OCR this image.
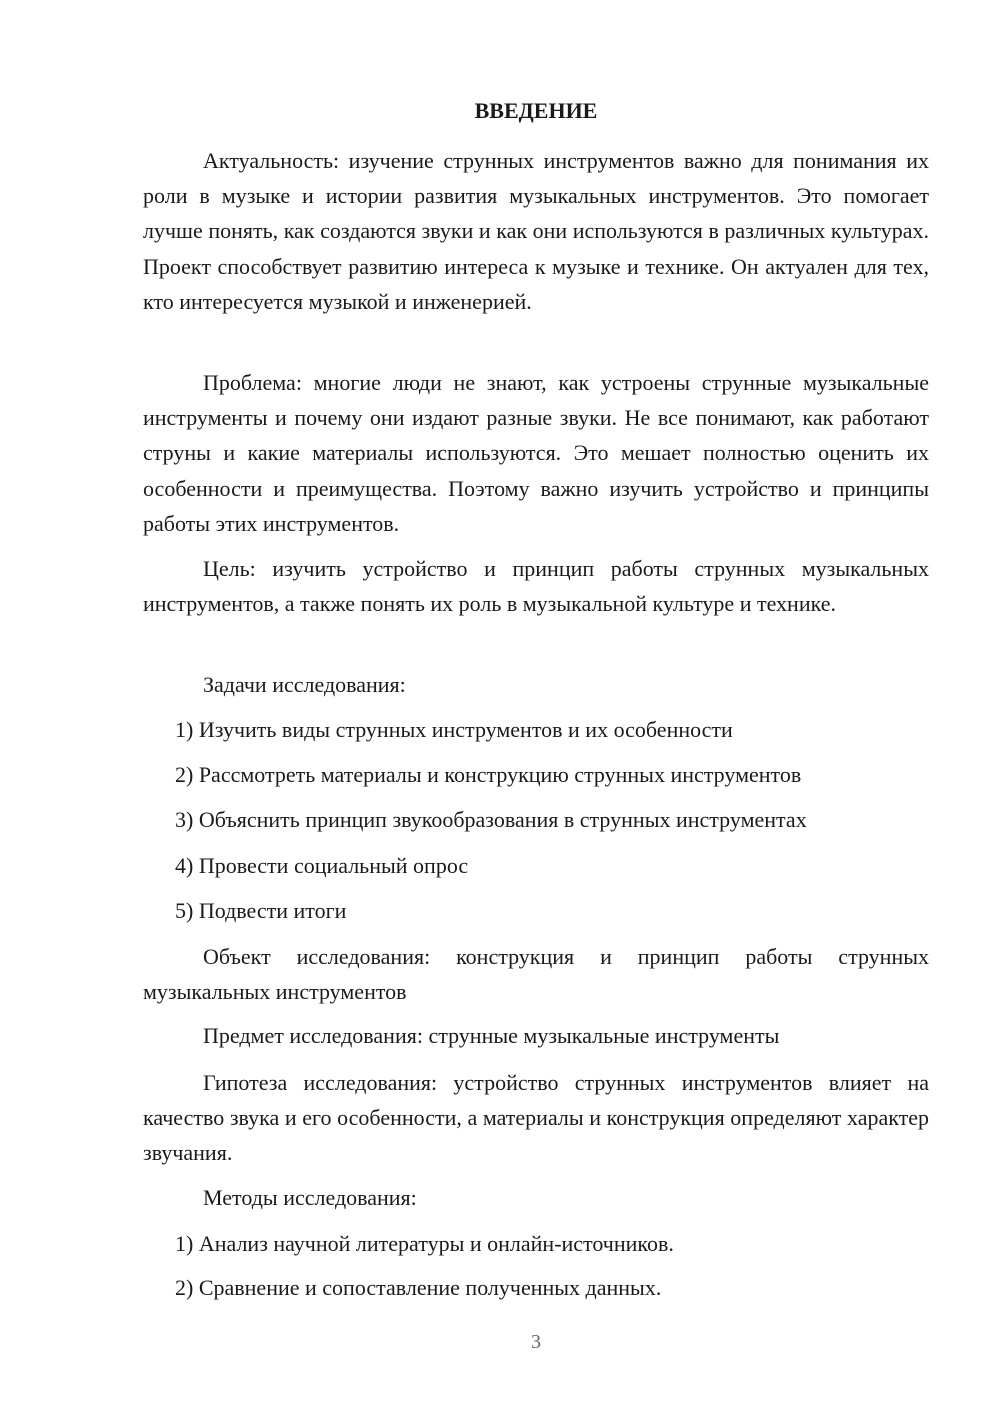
ВВЕДЕНИЕ

Актуальность: изучение струнных инструментов важно для понимания их роли в музыке и истории развития музыкальных инструментов. Это помогает лучше понять, как создаются звуки и как они используются в различных культурах. Проект способствует развитию интереса к музыке и технике. Он актуален для тех, кто интересуется музыкой и инженерией.

Проблема: многие люди не знают, как устроены струнные музыкальные инструменты и почему они издают разные звуки. Не все понимают, как работают струны и какие материалы используются. Это мешает полностью оценить их особенности и преимущества. Поэтому важно изучить устройство и принципы работы этих инструментов.

Цель: изучить устройство и принцип работы струнных музыкальных инструментов, а также понять их роль в музыкальной культуре и технике.

Задачи исследования:

1) Изучить виды струнных инструментов и их особенности

2) Рассмотреть материалы и конструкцию струнных инструментов

3) Объяснить принцип звукообразования в струнных инструментах

4) Провести социальный опрос

5) Подвести итоги

Объект исследования: конструкция и принцип работы струнных музыкальных инструментов

Предмет исследования: струнные музыкальные инструменты

Гипотеза исследования: устройство струнных инструментов влияет на качество звука и его особенности, а материалы и конструкция определяют характер звучания.

Методы исследования:

1) Анализ научной литературы и онлайн-источников.

2) Сравнение и сопоставление полученных данных.

3
